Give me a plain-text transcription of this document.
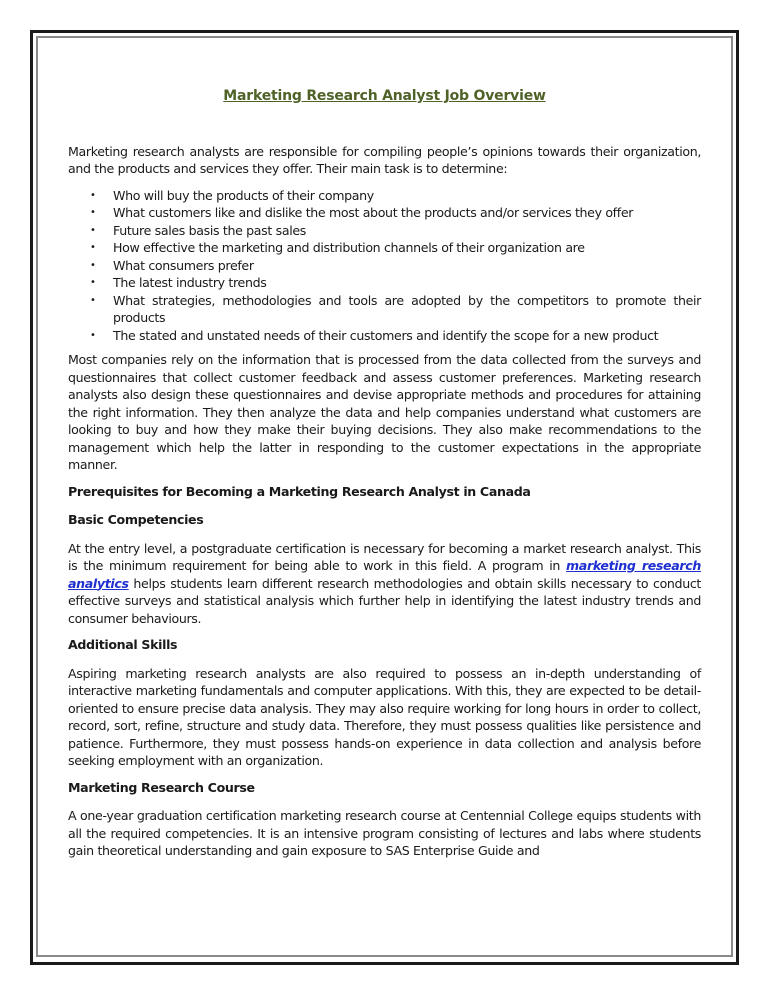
Marketing Research Analyst Job Overview

Marketing research analysts are responsible for compiling people’s opinions towards their organization, and the products and services they offer. Their main task is to determine:

• Who will buy the products of their company
• What customers like and dislike the most about the products and/or services they offer
• Future sales basis the past sales
• How effective the marketing and distribution channels of their organization are
• What consumers prefer
• The latest industry trends
• What strategies, methodologies and tools are adopted by the competitors to promote their products
• The stated and unstated needs of their customers and identify the scope for a new product

Most companies rely on the information that is processed from the data collected from the surveys and questionnaires that collect customer feedback and assess customer preferences. Marketing research analysts also design these questionnaires and devise appropriate methods and procedures for attaining the right information. They then analyze the data and help companies understand what customers are looking to buy and how they make their buying decisions. They also make recommendations to the management which help the latter in responding to the customer expectations in the appropriate manner.

Prerequisites for Becoming a Marketing Research Analyst in Canada
Basic Competencies

At the entry level, a postgraduate certification is necessary for becoming a market research analyst. This is the minimum requirement for being able to work in this field. A program in marketing research analytics helps students learn different research methodologies and obtain skills necessary to conduct effective surveys and statistical analysis which further help in identifying the latest industry trends and consumer behaviours.

Additional Skills

Aspiring marketing research analysts are also required to possess an in-depth understanding of interactive marketing fundamentals and computer applications. With this, they are expected to be detail-oriented to ensure precise data analysis. They may also require working for long hours in order to collect, record, sort, refine, structure and study data. Therefore, they must possess qualities like persistence and patience. Furthermore, they must possess hands-on experience in data collection and analysis before seeking employment with an organization.

Marketing Research Course

A one-year graduation certification marketing research course at Centennial College equips students with all the required competencies. It is an intensive program consisting of lectures and labs where students gain theoretical understanding and gain exposure to SAS Enterprise Guide and
